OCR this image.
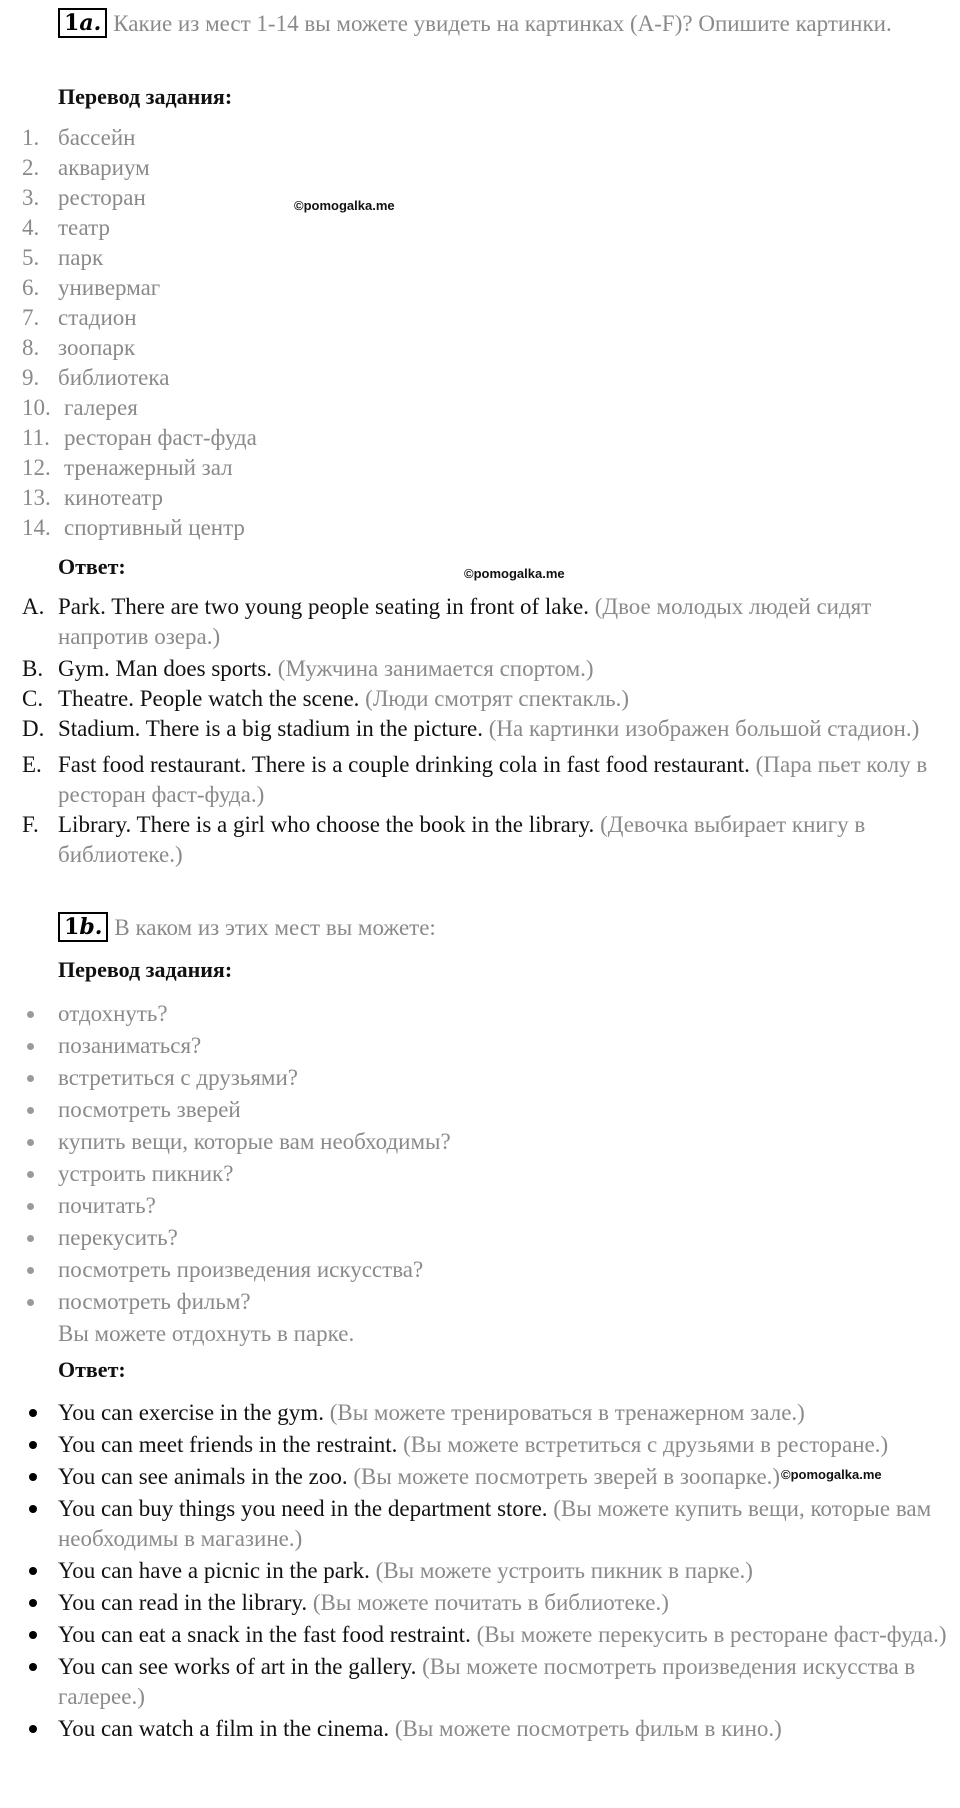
1a. Какие из мест 1-14 вы можете увидеть на картинках (A-F)? Опишите картинки.
Перевод задания:
1. бассейн
2. аквариум
3. ресторан
4. театр
5. парк
6. универмаг
7. стадион
8. зоопарк
9. библиотека
10. галерея
11. ресторан фаст-фуда
12. тренажерный зал
13. кинотеатр
14. спортивный центр
Ответ:
A. Park. There are two young people seating in front of lake. (Двое молодых людей сидят напротив озера.)
B. Gym. Man does sports. (Мужчина занимается спортом.)
C. Theatre. People watch the scene. (Люди смотрят спектакль.)
D. Stadium. There is a big stadium in the picture. (На картинки изображен большой стадион.)
E. Fast food restaurant. There is a couple drinking cola in fast food restaurant. (Пара пьет колу в ресторан фаст-фуда.)
F. Library. There is a girl who choose the book in the library. (Девочка выбирает книгу в библиотеке.)
1b. В каком из этих мест вы можете:
Перевод задания:
отдохнуть?
позаниматься?
встретиться с друзьями?
посмотреть зверей
купить вещи, которые вам необходимы?
устроить пикник?
почитать?
перекусить?
посмотреть произведения искусства?
посмотреть фильм?
Вы можете отдохнуть в парке.
Ответ:
You can exercise in the gym. (Вы можете тренироваться в тренажерном зале.)
You can meet friends in the restraint. (Вы можете встретиться с друзьями в ресторане.)
You can see animals in the zoo. (Вы можете посмотреть зверей в зоопарке.)
You can buy things you need in the department store. (Вы можете купить вещи, которые вам необходимы в магазине.)
You can have a picnic in the park. (Вы можете устроить пикник в парке.)
You can read in the library. (Вы можете почитать в библиотеке.)
You can eat a snack in the fast food restraint. (Вы можете перекусить в ресторане фаст-фуда.)
You can see works of art in the gallery. (Вы можете посмотреть произведения искусства в галерее.)
You can watch a film in the cinema. (Вы можете посмотреть фильм в кино.)
©pomogalka.me
©pomogalka.me
©pomogalka.me
